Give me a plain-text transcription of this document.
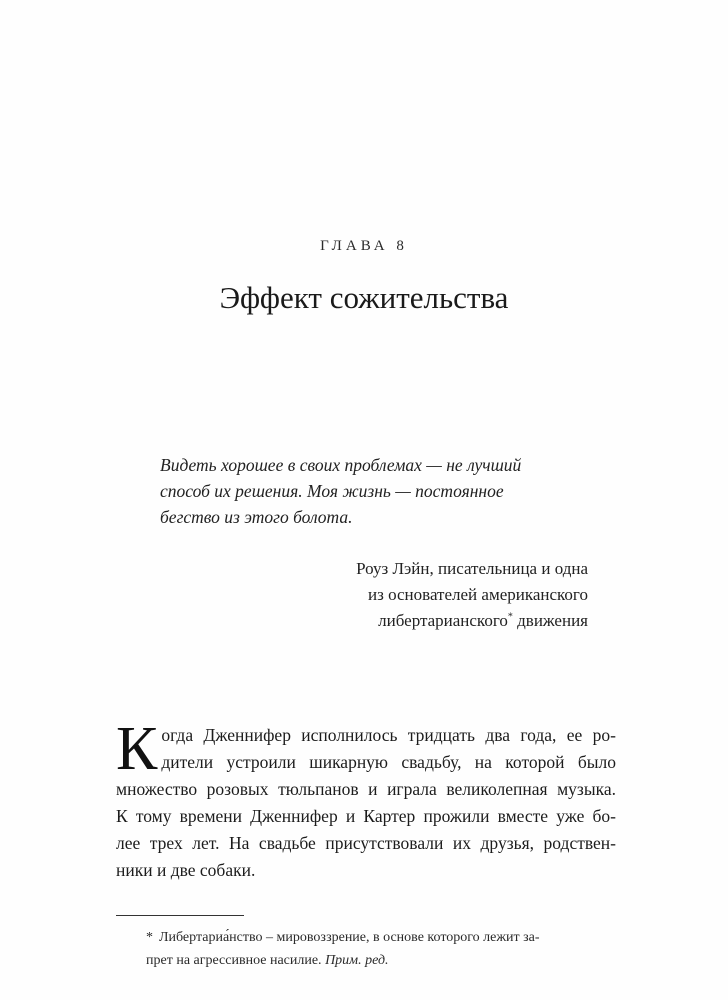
ГЛАВА 8
Эффект сожительства
Видеть хорошее в своих проблемах — не лучший
способ их решения. Моя жизнь — постоянное
бегство из этого болота.
Роуз Лэйн, писательница и одна
из основателей американского
либертарианского* движения
К огда Дженнифер исполнилось тридцать два года, ее ро-
дители устроили шикарную свадьбу, на которой было
множество розовых тюльпанов и играла великолепная музыка.
К тому времени Дженнифер и Картер прожили вместе уже бо-
лее трех лет. На свадьбе присутствовали их друзья, родствен-
ники и две собаки.
* Либертариа́нство – мировоззрение, в основе которого лежит за-
прет на агрессивное насилие. Прим. ред.
